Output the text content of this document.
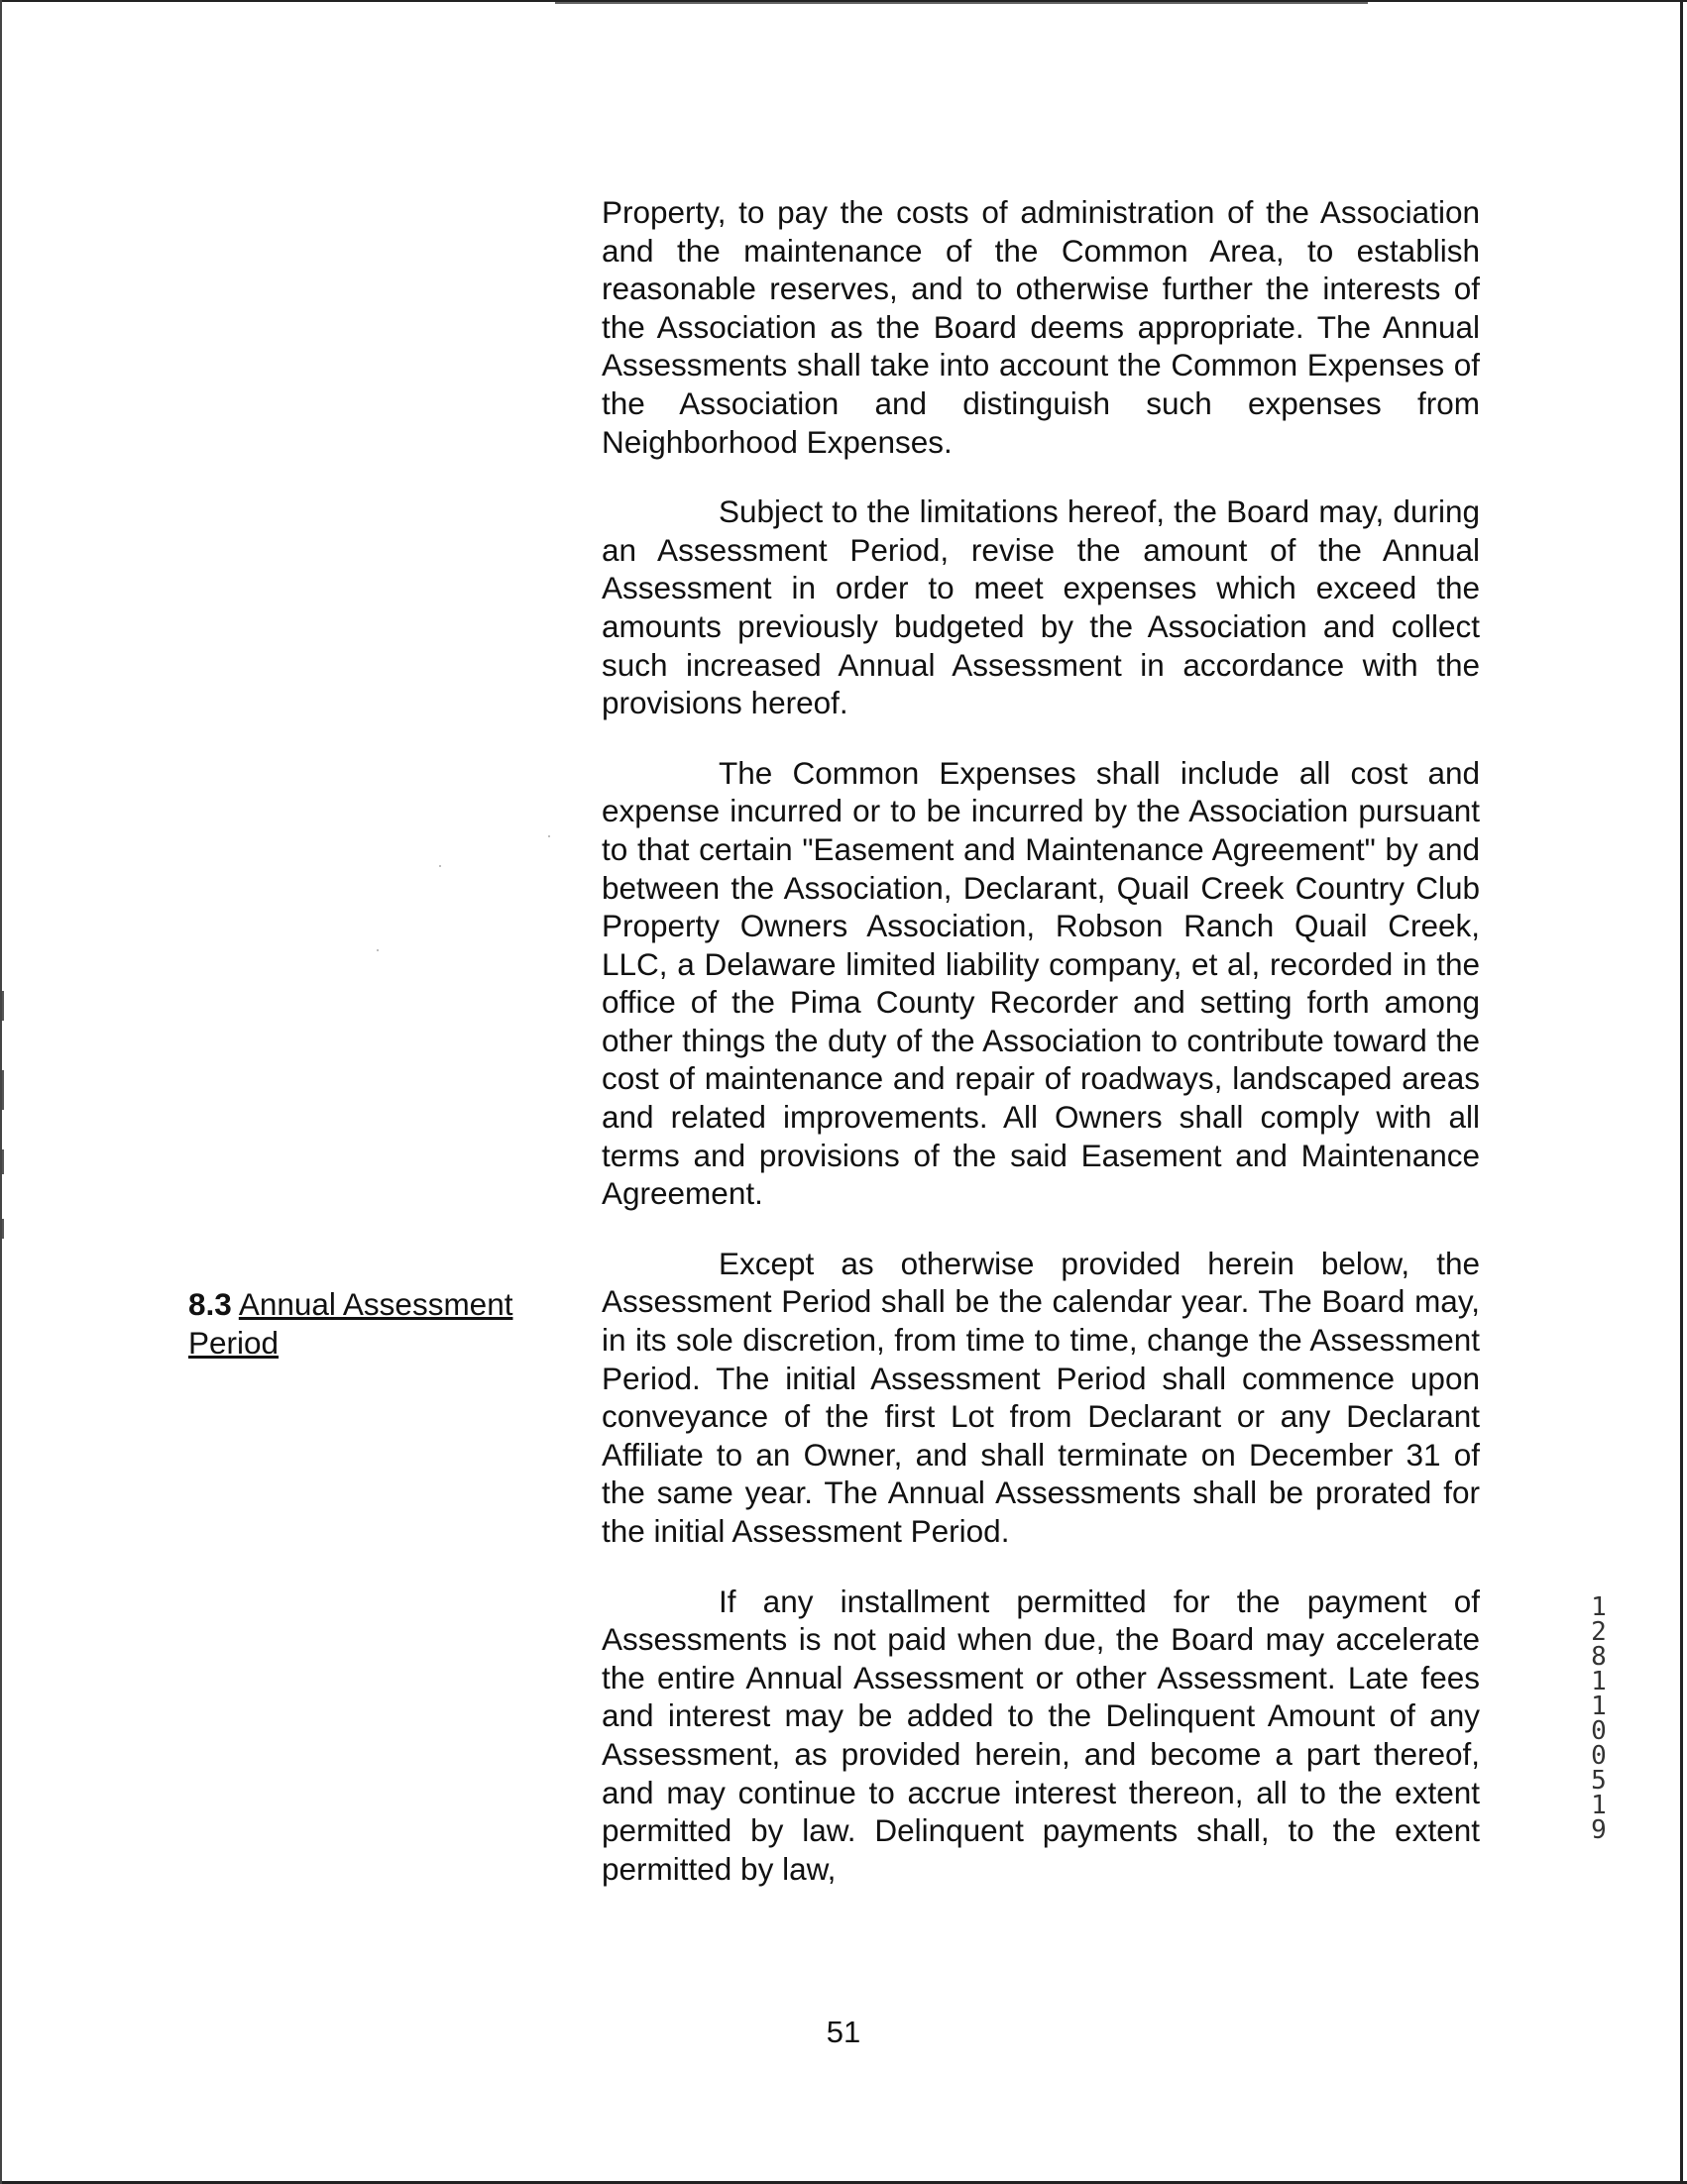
Property, to pay the costs of administration of the Association and the maintenance of the Common Area, to establish reasonable reserves, and to otherwise further the interests of the Association as the Board deems appropriate. The Annual Assessments shall take into account the Common Expenses of the Association and distinguish such expenses from Neighborhood Expenses.

Subject to the limitations hereof, the Board may, during an Assessment Period, revise the amount of the Annual Assessment in order to meet expenses which exceed the amounts previously budgeted by the Association and collect such increased Annual Assessment in accordance with the provisions hereof.

The Common Expenses shall include all cost and expense incurred or to be incurred by the Association pursuant to that certain "Easement and Maintenance Agreement" by and between the Association, Declarant, Quail Creek Country Club Property Owners Association, Robson Ranch Quail Creek, LLC, a Delaware limited liability company, et al, recorded in the office of the Pima County Recorder and setting forth among other things the duty of the Association to contribute toward the cost of maintenance and repair of roadways, landscaped areas and related improvements. All Owners shall comply with all terms and provisions of the said Easement and Maintenance Agreement.

Except as otherwise provided herein below, the Assessment Period shall be the calendar year. The Board may, in its sole discretion, from time to time, change the Assessment Period. The initial Assessment Period shall commence upon conveyance of the first Lot from Declarant or any Declarant Affiliate to an Owner, and shall terminate on December 31 of the same year. The Annual Assessments shall be prorated for the initial Assessment Period.

If any installment permitted for the payment of Assessments is not paid when due, the Board may accelerate the entire Annual Assessment or other Assessment. Late fees and interest may be added to the Delinquent Amount of any Assessment, as provided herein, and become a part thereof, and may continue to accrue interest thereon, all to the extent permitted by law. Delinquent payments shall, to the extent permitted by law,

8.3 Annual Assessment Period
51
12811 00519
